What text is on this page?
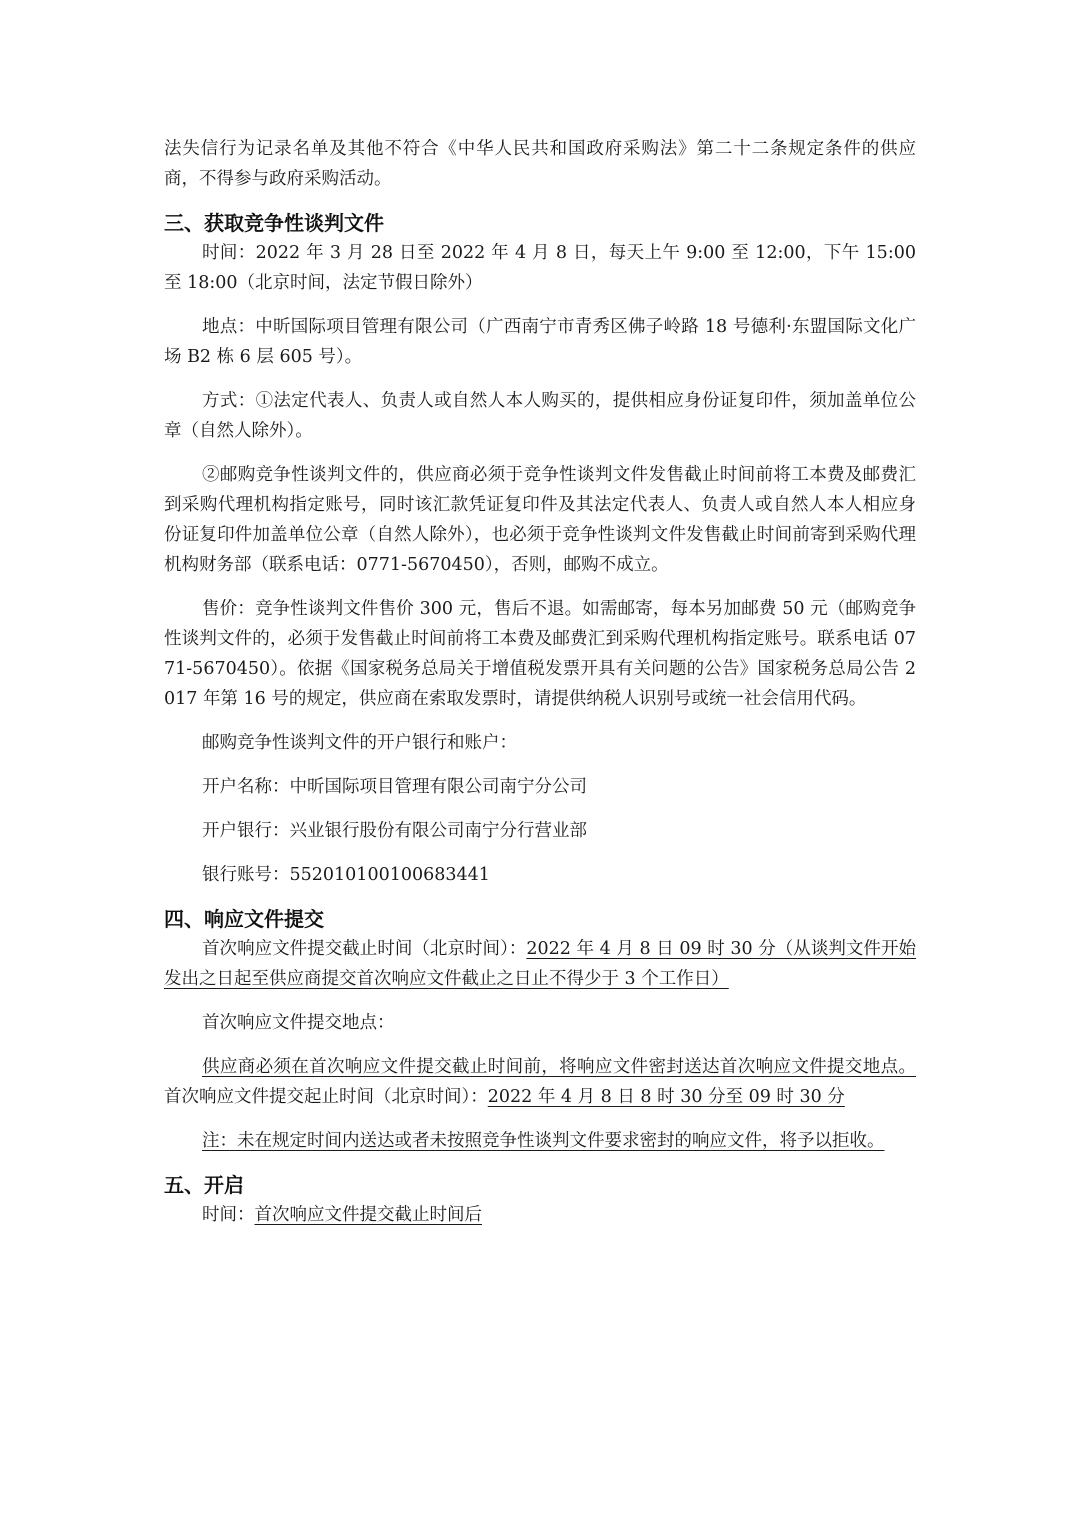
法失信行为记录名单及其他不符合《中华人民共和国政府采购法》第二十二条规定条件的供应商，不得参与政府采购活动。

三、获取竞争性谈判文件

时间：2022 年 3 月 28 日至 2022 年 4 月 8 日，每天上午 9:00 至 12:00，下午 15:00 至 18:00（北京时间，法定节假日除外）

地点：中昕国际项目管理有限公司（广西南宁市青秀区佛子岭路 18 号德利·东盟国际文化广场 B2 栋 6 层 605 号）。

方式：①法定代表人、负责人或自然人本人购买的，提供相应身份证复印件，须加盖单位公章（自然人除外）。

②邮购竞争性谈判文件的，供应商必须于竞争性谈判文件发售截止时间前将工本费及邮费汇到采购代理机构指定账号，同时该汇款凭证复印件及其法定代表人、负责人或自然人本人相应身份证复印件加盖单位公章（自然人除外），也必须于竞争性谈判文件发售截止时间前寄到采购代理机构财务部（联系电话：0771-5670450），否则，邮购不成立。

售价：竞争性谈判文件售价 300 元，售后不退。如需邮寄，每本另加邮费 50 元（邮购竞争性谈判文件的，必须于发售截止时间前将工本费及邮费汇到采购代理机构指定账号。联系电话 0771-5670450）。依据《国家税务总局关于增值税发票开具有关问题的公告》国家税务总局公告 2017 年第 16 号的规定，供应商在索取发票时，请提供纳税人识别号或统一社会信用代码。

邮购竞争性谈判文件的开户银行和账户：

开户名称：中昕国际项目管理有限公司南宁分公司

开户银行：兴业银行股份有限公司南宁分行营业部

银行账号：552010100100683441

四、响应文件提交

首次响应文件提交截止时间（北京时间）：2022 年 4 月 8 日 09 时 30 分（从谈判文件开始发出之日起至供应商提交首次响应文件截止之日止不得少于 3 个工作日）

首次响应文件提交地点：

供应商必须在首次响应文件提交截止时间前，将响应文件密封送达首次响应文件提交地点。首次响应文件提交起止时间（北京时间）：2022 年 4 月 8 日 8 时 30 分至 09 时 30 分

注：未在规定时间内送达或者未按照竞争性谈判文件要求密封的响应文件，将予以拒收。

五、开启

时间：首次响应文件提交截止时间后
